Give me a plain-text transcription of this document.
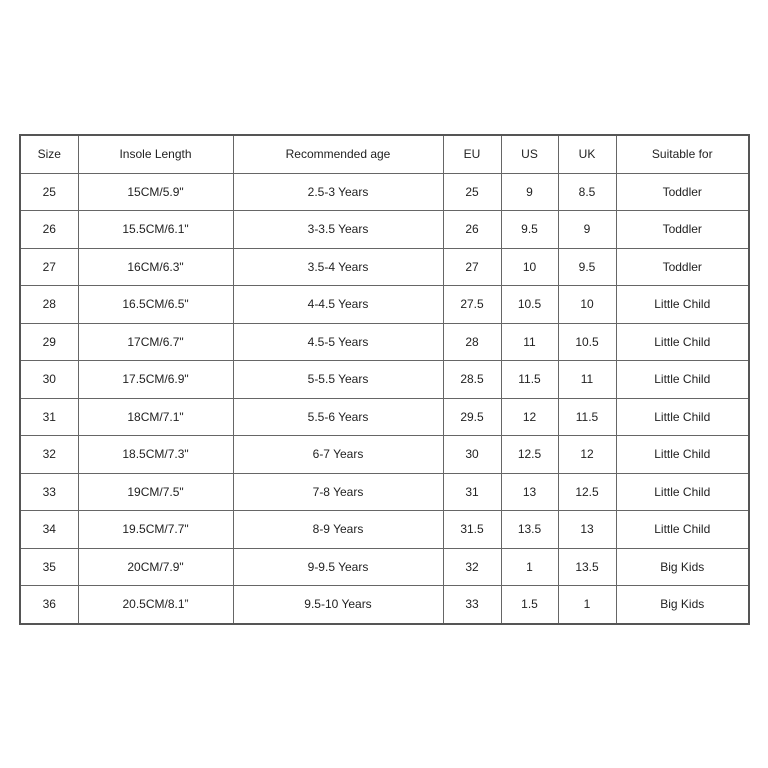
Size	Insole Length	Recommended age	EU	US	UK	Suitable for
25	15CM/5.9"	2.5-3 Years	25	9	8.5	Toddler
26	15.5CM/6.1"	3-3.5 Years	26	9.5	9	Toddler
27	16CM/6.3"	3.5-4 Years	27	10	9.5	Toddler
28	16.5CM/6.5"	4-4.5 Years	27.5	10.5	10	Little Child
29	17CM/6.7"	4.5-5 Years	28	11	10.5	Little Child
30	17.5CM/6.9"	5-5.5 Years	28.5	11.5	11	Little Child
31	18CM/7.1"	5.5-6 Years	29.5	12	11.5	Little Child
32	18.5CM/7.3"	6-7 Years	30	12.5	12	Little Child
33	19CM/7.5"	7-8 Years	31	13	12.5	Little Child
34	19.5CM/7.7"	8-9 Years	31.5	13.5	13	Little Child
35	20CM/7.9"	9-9.5 Years	32	1	13.5	Big Kids
36	20.5CM/8.1”	9.5-10 Years	33	1.5	1	Big Kids
